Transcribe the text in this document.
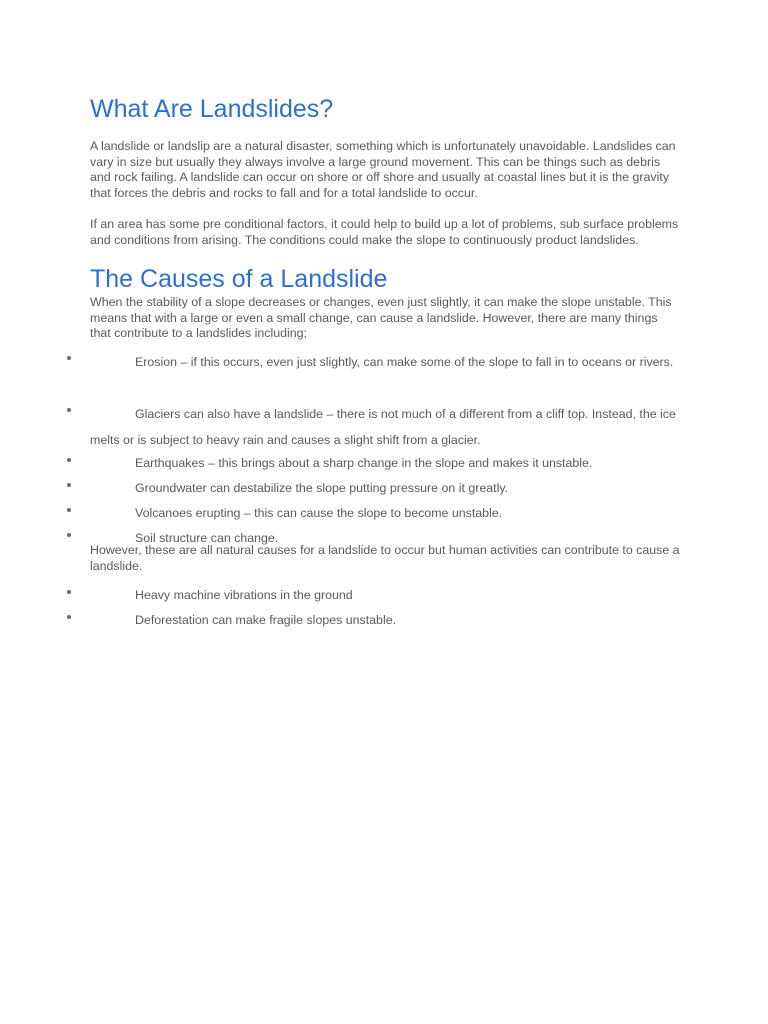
What Are Landslides?

A landslide or landslip are a natural disaster, something which is unfortunately unavoidable. Landslides can vary in size but usually they always involve a large ground movement. This can be things such as debris and rock failing. A landslide can occur on shore or off shore and usually at coastal lines but it is the gravity that forces the debris and rocks to fall and for a total landslide to occur.

If an area has some pre conditional factors, it could help to build up a lot of problems, sub surface problems and conditions from arising. The conditions could make the slope to continuously product landslides.

The Causes of a Landslide

When the stability of a slope decreases or changes, even just slightly, it can make the slope unstable. This means that with a large or even a small change, can cause a landslide. However, there are many things that contribute to a landslides including;

Erosion – if this occurs, even just slightly, can make some of the slope to fall in to oceans or rivers.
Glaciers can also have a landslide – there is not much of a different from a cliff top. Instead, the ice melts or is subject to heavy rain and causes a slight shift from a glacier.
Earthquakes – this brings about a sharp change in the slope and makes it unstable.
Groundwater can destabilize the slope putting pressure on it greatly.
Volcanoes erupting – this can cause the slope to become unstable.
Soil structure can change.

However, these are all natural causes for a landslide to occur but human activities can contribute to cause a landslide.

Heavy machine vibrations in the ground
Deforestation can make fragile slopes unstable.
